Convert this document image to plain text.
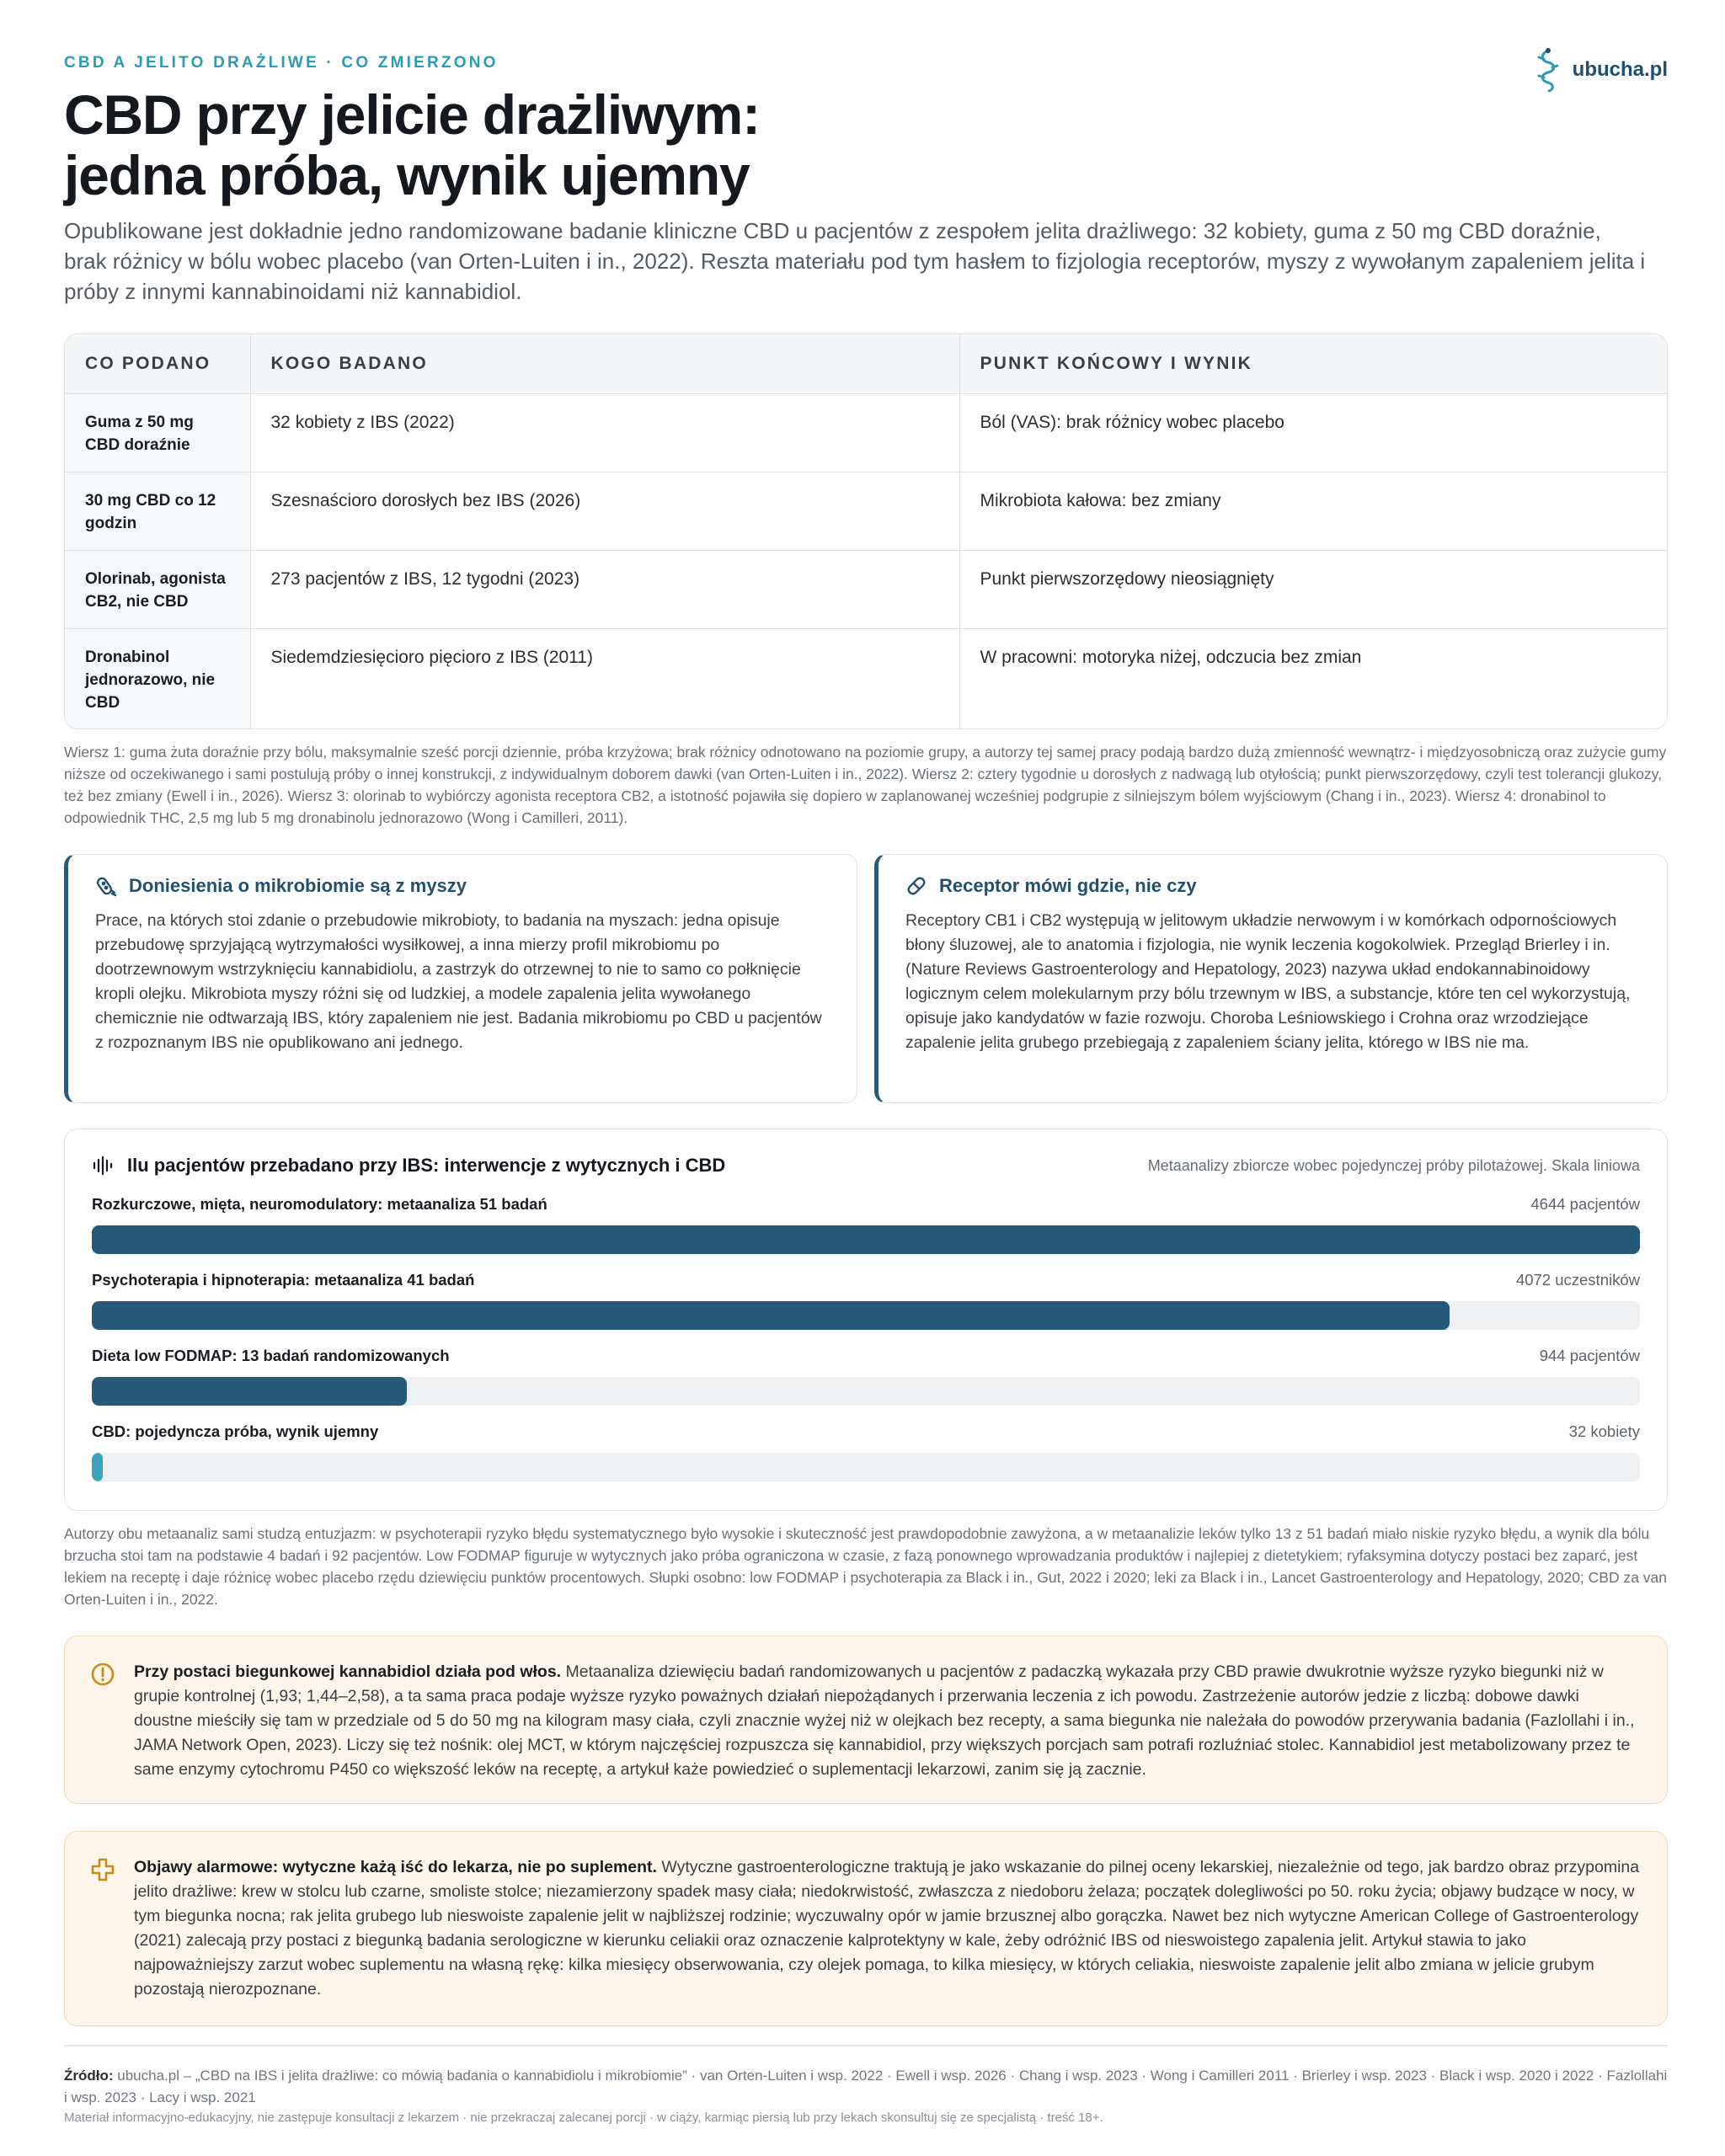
CBD A JELITO DRAŻLIWE · CO ZMIERZONO	ubucha.pl
CBD przy jelicie drażliwym:
jedna próba, wynik ujemny

Opublikowane jest dokładnie jedno randomizowane badanie kliniczne CBD u pacjentów z zespołem jelita drażliwego: 32 kobiety, guma z 50 mg CBD doraźnie, brak różnicy w bólu wobec placebo (van Orten-Luiten i in., 2022). Reszta materiału pod tym hasłem to fizjologia receptorów, myszy z wywołanym zapaleniem jelita i próby z innymi kannabinoidami niż kannabidiol.

CO PODANO	KOGO BADANO	PUNKT KOŃCOWY I WYNIK
Guma z 50 mg CBD doraźnie	32 kobiety z IBS (2022)	Ból (VAS): brak różnicy wobec placebo
30 mg CBD co 12 godzin	Szesnaścioro dorosłych bez IBS (2026)	Mikrobiota kałowa: bez zmiany
Olorinab, agonista CB2, nie CBD	273 pacjentów z IBS, 12 tygodni (2023)	Punkt pierwszorzędowy nieosiągnięty
Dronabinol jednorazowo, nie CBD	Siedemdziesięcioro pięcioro z IBS (2011)	W pracowni: motoryka niżej, odczucia bez zmian

Wiersz 1: guma żuta doraźnie przy bólu, maksymalnie sześć porcji dziennie, próba krzyżowa; brak różnicy odnotowano na poziomie grupy, a autorzy tej samej pracy podają bardzo dużą zmienność wewnątrz- i międzyosobniczą oraz zużycie gumy niższe od oczekiwanego i sami postulują próby o innej konstrukcji, z indywidualnym doborem dawki (van Orten-Luiten i in., 2022). Wiersz 2: cztery tygodnie u dorosłych z nadwagą lub otyłością; punkt pierwszorzędowy, czyli test tolerancji glukozy, też bez zmiany (Ewell i in., 2026). Wiersz 3: olorinab to wybiórczy agonista receptora CB2, a istotność pojawiła się dopiero w zaplanowanej wcześniej podgrupie z silniejszym bólem wyjściowym (Chang i in., 2023). Wiersz 4: dronabinol to odpowiednik THC, 2,5 mg lub 5 mg dronabinolu jednorazowo (Wong i Camilleri, 2011).

Doniesienia o mikrobiomie są z myszy

Prace, na których stoi zdanie o przebudowie mikrobioty, to badania na myszach: jedna opisuje przebudowę sprzyjającą wytrzymałości wysiłkowej, a inna mierzy profil mikrobiomu po dootrzewnowym wstrzyknięciu kannabidiolu, a zastrzyk do otrzewnej to nie to samo co połknięcie kropli olejku. Mikrobiota myszy różni się od ludzkiej, a modele zapalenia jelita wywołanego chemicznie nie odtwarzają IBS, który zapaleniem nie jest. Badania mikrobiomu po CBD u pacjentów z rozpoznanym IBS nie opublikowano ani jednego.

Receptor mówi gdzie, nie czy

Receptory CB1 i CB2 występują w jelitowym układzie nerwowym i w komórkach odpornościowych błony śluzowej, ale to anatomia i fizjologia, nie wynik leczenia kogokolwiek. Przegląd Brierley i in. (Nature Reviews Gastroenterology and Hepatology, 2023) nazywa układ endokannabinoidowy logicznym celem molekularnym przy bólu trzewnym w IBS, a substancje, które ten cel wykorzystują, opisuje jako kandydatów w fazie rozwoju. Choroba Leśniowskiego i Crohna oraz wrzodziejące zapalenie jelita grubego przebiegają z zapaleniem ściany jelita, którego w IBS nie ma.

Ilu pacjentów przebadano przy IBS: interwencje z wytycznych i CBD	Metaanalizy zbiorcze wobec pojedynczej próby pilotażowej. Skala liniowa
Rozkurczowe, mięta, neuromodulatory: metaanaliza 51 badań	4644 pacjentów
Psychoterapia i hipnoterapia: metaanaliza 41 badań	4072 uczestników
Dieta low FODMAP: 13 badań randomizowanych	944 pacjentów
CBD: pojedyncza próba, wynik ujemny	32 kobiety

Autorzy obu metaanaliz sami studzą entuzjazm: w psychoterapii ryzyko błędu systematycznego było wysokie i skuteczność jest prawdopodobnie zawyżona, a w metaanalizie leków tylko 13 z 51 badań miało niskie ryzyko błędu, a wynik dla bólu brzucha stoi tam na podstawie 4 badań i 92 pacjentów. Low FODMAP figuruje w wytycznych jako próba ograniczona w czasie, z fazą ponownego wprowadzania produktów i najlepiej z dietetykiem; ryfaksymina dotyczy postaci bez zaparć, jest lekiem na receptę i daje różnicę wobec placebo rzędu dziewięciu punktów procentowych. Słupki osobno: low FODMAP i psychoterapia za Black i in., Gut, 2022 i 2020; leki za Black i in., Lancet Gastroenterology and Hepatology, 2020; CBD za van Orten-Luiten i in., 2022.

Przy postaci biegunkowej kannabidiol działa pod włos. Metaanaliza dziewięciu badań randomizowanych u pacjentów z padaczką wykazała przy CBD prawie dwukrotnie wyższe ryzyko biegunki niż w grupie kontrolnej (1,93; 1,44–2,58), a ta sama praca podaje wyższe ryzyko poważnych działań niepożądanych i przerwania leczenia z ich powodu. Zastrzeżenie autorów jedzie z liczbą: dobowe dawki doustne mieściły się tam w przedziale od 5 do 50 mg na kilogram masy ciała, czyli znacznie wyżej niż w olejkach bez recepty, a sama biegunka nie należała do powodów przerywania badania (Fazlollahi i in., JAMA Network Open, 2023). Liczy się też nośnik: olej MCT, w którym najczęściej rozpuszcza się kannabidiol, przy większych porcjach sam potrafi rozluźniać stolec. Kannabidiol jest metabolizowany przez te same enzymy cytochromu P450 co większość leków na receptę, a artykuł każe powiedzieć o suplementacji lekarzowi, zanim się ją zacznie.

Objawy alarmowe: wytyczne każą iść do lekarza, nie po suplement. Wytyczne gastroenterologiczne traktują je jako wskazanie do pilnej oceny lekarskiej, niezależnie od tego, jak bardzo obraz przypomina jelito drażliwe: krew w stolcu lub czarne, smoliste stolce; niezamierzony spadek masy ciała; niedokrwistość, zwłaszcza z niedoboru żelaza; początek dolegliwości po 50. roku życia; objawy budzące w nocy, w tym biegunka nocna; rak jelita grubego lub nieswoiste zapalenie jelit w najbliższej rodzinie; wyczuwalny opór w jamie brzusznej albo gorączka. Nawet bez nich wytyczne American College of Gastroenterology (2021) zalecają przy postaci z biegunką badania serologiczne w kierunku celiakii oraz oznaczenie kalprotektyny w kale, żeby odróżnić IBS od nieswoistego zapalenia jelit. Artykuł stawia to jako najpoważniejszy zarzut wobec suplementu na własną rękę: kilka miesięcy obserwowania, czy olejek pomaga, to kilka miesięcy, w których celiakia, nieswoiste zapalenie jelit albo zmiana w jelicie grubym pozostają nierozpoznane.

Źródło: ubucha.pl – „CBD na IBS i jelita drażliwe: co mówią badania o kannabidiolu i mikrobiomie” · van Orten-Luiten i wsp. 2022 · Ewell i wsp. 2026 · Chang i wsp. 2023 · Wong i Camilleri 2011 · Brierley i wsp. 2023 · Black i wsp. 2020 i 2022 · Fazlollahi i wsp. 2023 · Lacy i wsp. 2021

Materiał informacyjno-edukacyjny, nie zastępuje konsultacji z lekarzem · nie przekraczaj zalecanej porcji · w ciąży, karmiąc piersią lub przy lekach skonsultuj się ze specjalistą · treść 18+.
